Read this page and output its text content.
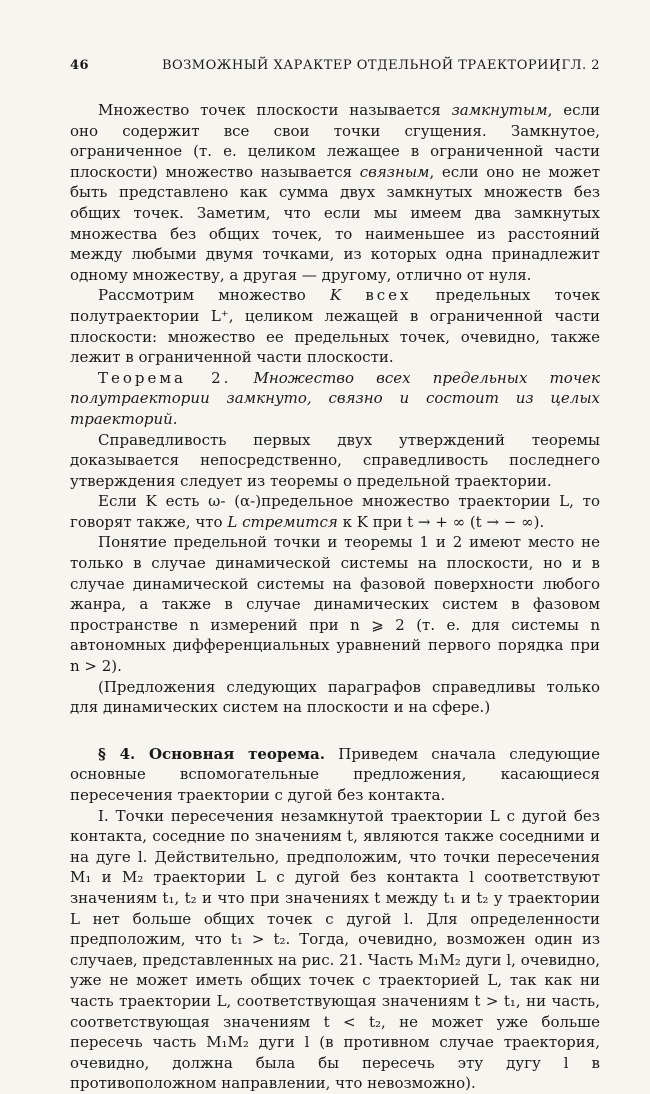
46	ВОЗМОЖНЫЙ ХАРАКТЕР ОТДЕЛЬНОЙ ТРАЕКТОРИИ
[ГЛ. 2

Множество точек плоскости называется замкнутым, если оно содержит все свои точки сгущения. Замкнутое, ограниченное (т. е. целиком лежащее в ограниченной части плоскости) множество называется связным, если оно не может быть представлено как сумма двух замкнутых множеств без общих точек. Заметим, что если мы имеем два замкнутых множества без общих точек, то наименьшее из расстояний между любыми двумя точками, из которых одна принадлежит одному множеству, а другая — другому, отлично от нуля.

Рассмотрим множество K всех предельных точек полутраектории L⁺, целиком лежащей в ограниченной части плоскости: множество ее предельных точек, очевидно, также лежит в ограниченной части плоскости.

Теорема 2. Множество всех предельных точек полутраектории замкнуто, связно и состоит из целых траекторий.

Справедливость первых двух утверждений теоремы доказывается непосредственно, справедливость последнего утверждения следует из теоремы о предельной траектории.

Если K есть ω- (α-)предельное множество траектории L, то говорят также, что L стремится к K при t → + ∞ (t → − ∞).

Понятие предельной точки и теоремы 1 и 2 имеют место не только в случае динамической системы на плоскости, но и в случае динамической системы на фазовой поверхности любого жанра, а также в случае динамических систем в фазовом пространстве n измерений при n ⩾ 2 (т. е. для системы n автономных дифференциальных уравнений первого порядка при n > 2).

(Предложения следующих параграфов справедливы только для динамических систем на плоскости и на сфере.)

§ 4. Основная теорема. Приведем сначала следующие основные вспомогательные предложения, касающиеся пересечения траектории с дугой без контакта.

I. Точки пересечения незамкнутой траектории L с дугой без контакта, соседние по значениям t, являются также соседними и на дуге l. Действительно, предположим, что точки пересечения M₁ и M₂ траектории L с дугой без контакта l соответствуют значениям t₁, t₂ и что при значениях t между t₁ и t₂ у траектории L нет больше общих точек с дугой l. Для определенности предположим, что t₁ > t₂. Тогда, очевидно, возможен один из случаев, представленных на рис. 21. Часть M₁M₂ дуги l, очевидно, уже не может иметь общих точек с траекторией L, так как ни часть траектории L, соответствующая значениям t > t₁, ни часть, соответствующая значениям t < t₂, не может уже больше пересечь часть M₁M₂ дуги l (в противном случае траектория, очевидно, должна была бы пересечь эту дугу l в противоположном направлении, что невозможно).
